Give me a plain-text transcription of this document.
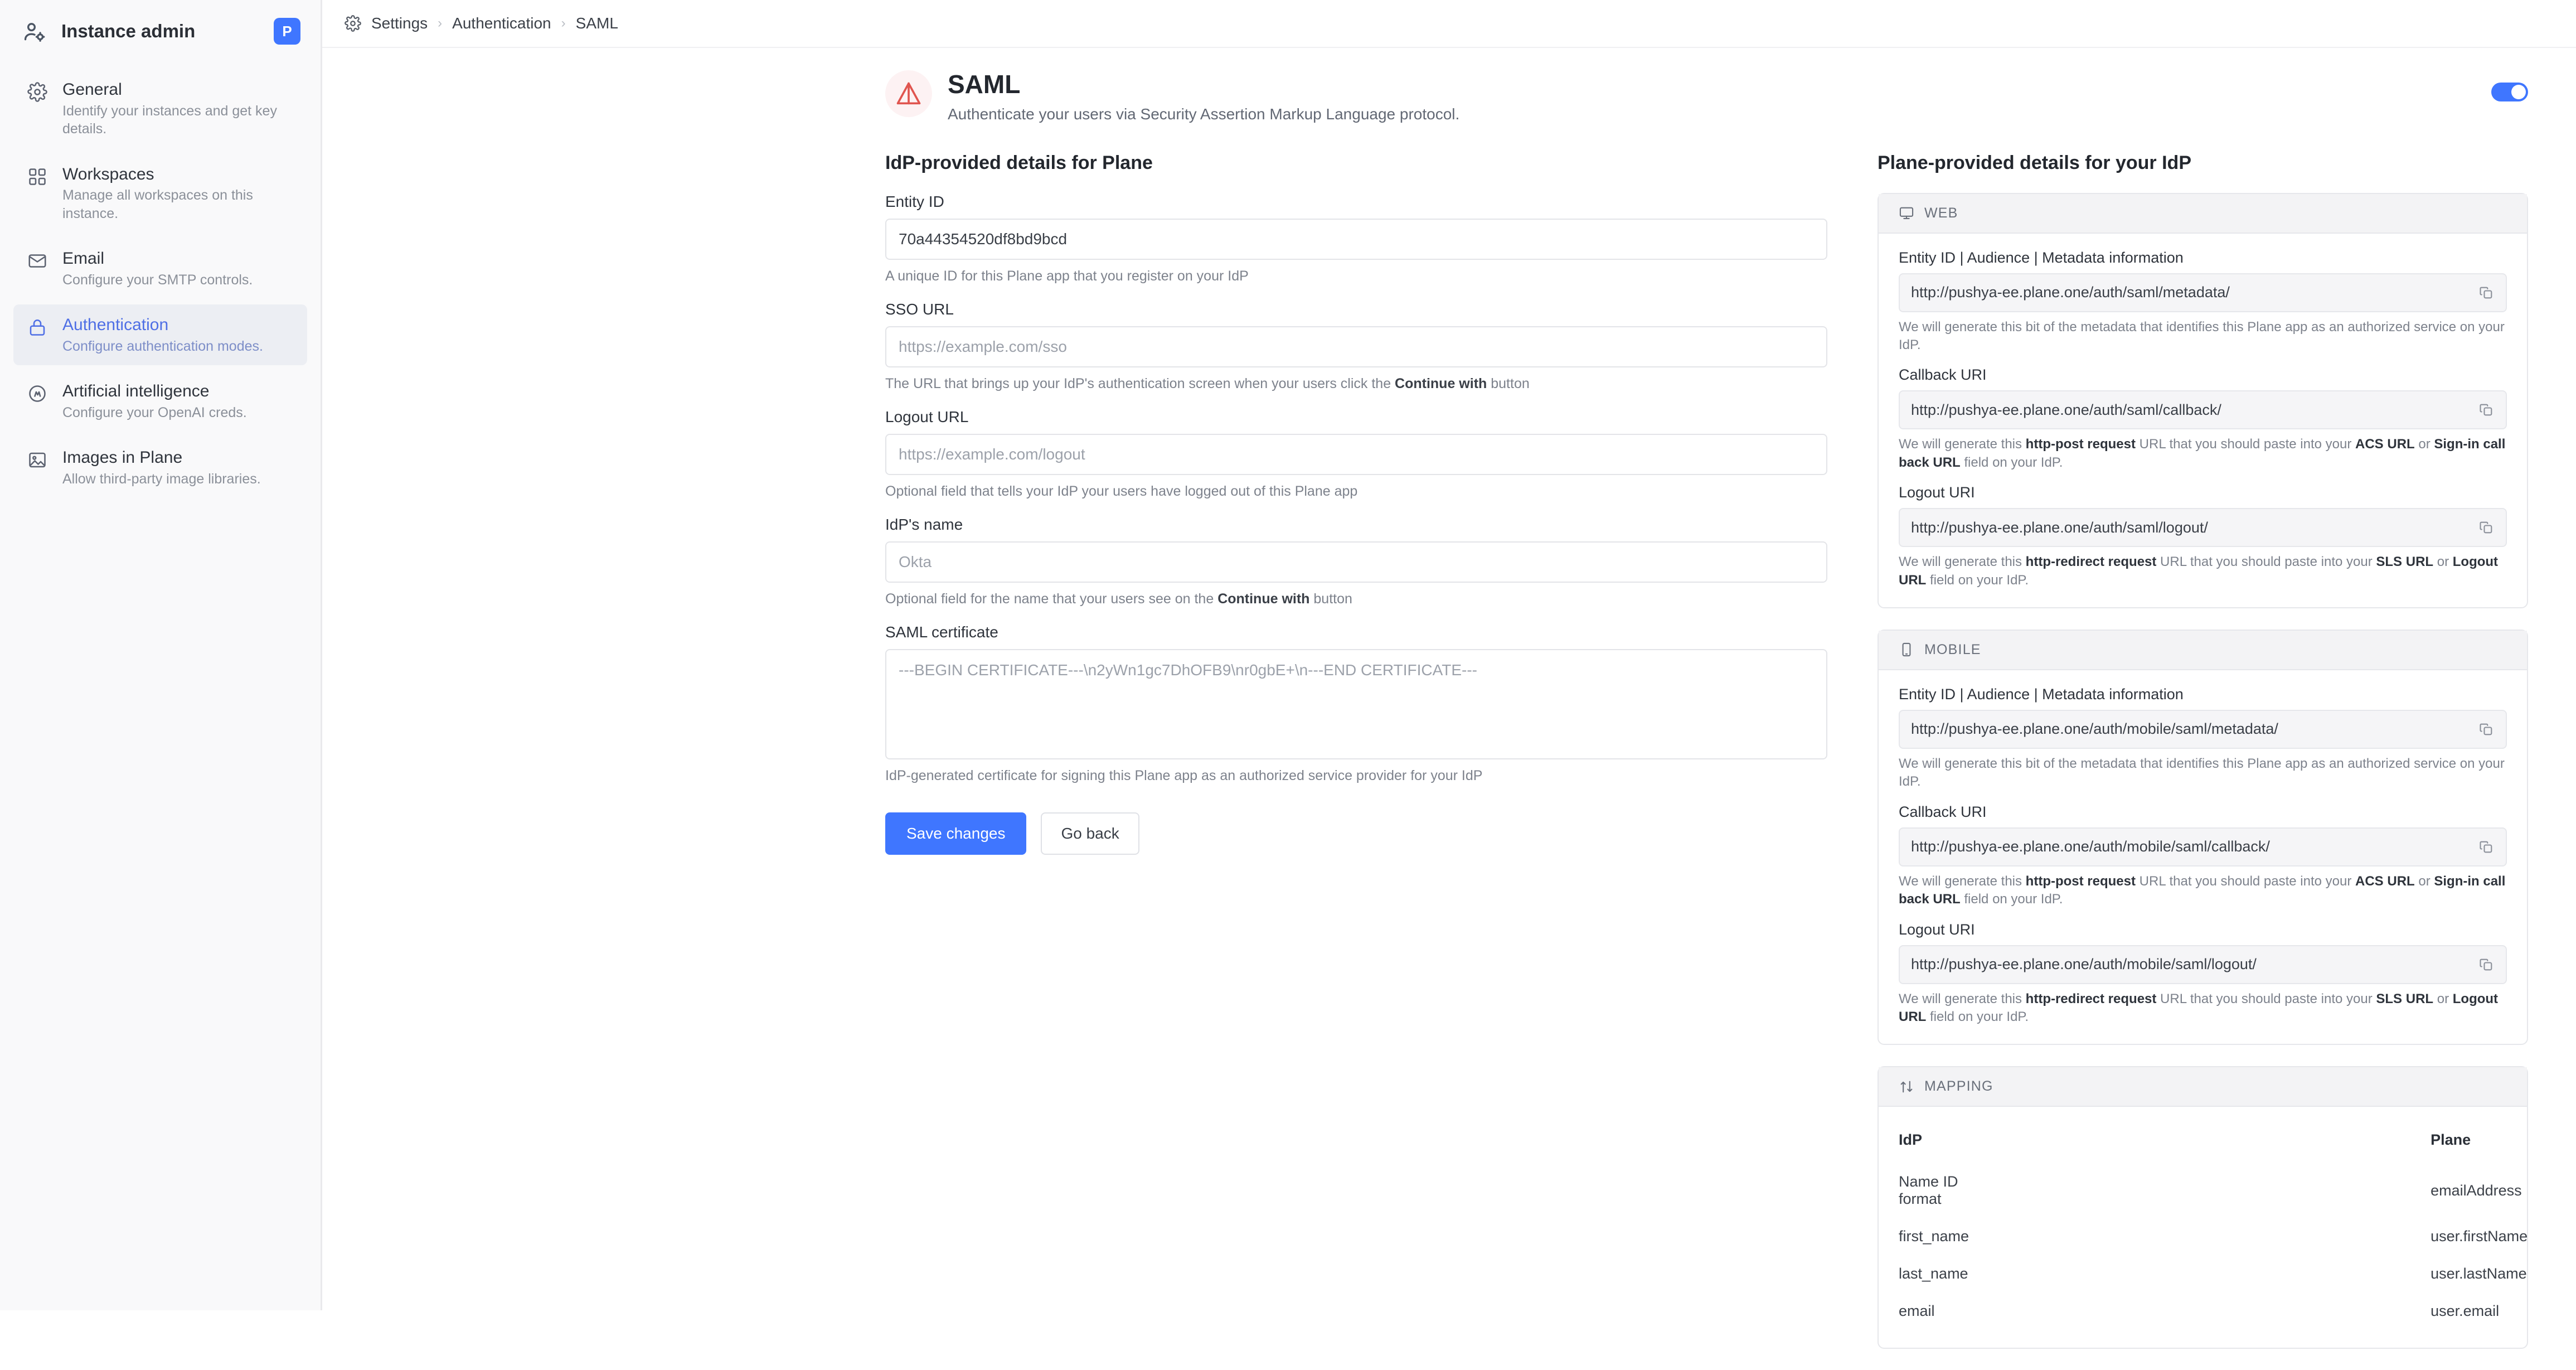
Instance admin	P
General
Identify your instances and get key details.
Workspaces
Manage all workspaces on this instance.
Email
Configure your SMTP controls.
Authentication
Configure authentication modes.
Artificial intelligence
Configure your OpenAI creds.
Images in Plane
Allow third-party image libraries.
Settings › Authentication › SAML
SAML
Authenticate your users via Security Assertion Markup Language protocol.
IdP-provided details for Plane
Entity ID
70a44354520df8bd9bcd
A unique ID for this Plane app that you register on your IdP
SSO URL
https://example.com/sso
The URL that brings up your IdP's authentication screen when your users click the Continue with button
Logout URL
https://example.com/logout
Optional field that tells your IdP your users have logged out of this Plane app
IdP's name
Okta
Optional field for the name that your users see on the Continue with button
SAML certificate
---BEGIN CERTIFICATE---\n2yWn1gc7DhOFB9\nr0gbE+\n---END CERTIFICATE---
IdP-generated certificate for signing this Plane app as an authorized service provider for your IdP
Save changes	Go back
Plane-provided details for your IdP
WEB
Entity ID | Audience | Metadata information
http://pushya-ee.plane.one/auth/saml/metadata/
We will generate this bit of the metadata that identifies this Plane app as an authorized service on your IdP.
Callback URI
http://pushya-ee.plane.one/auth/saml/callback/
We will generate this http-post request URL that you should paste into your ACS URL or Sign-in call back URL field on your IdP.
Logout URI
http://pushya-ee.plane.one/auth/saml/logout/
We will generate this http-redirect request URL that you should paste into your SLS URL or Logout URL field on your IdP.
MOBILE
Entity ID | Audience | Metadata information
http://pushya-ee.plane.one/auth/mobile/saml/metadata/
We will generate this bit of the metadata that identifies this Plane app as an authorized service on your IdP.
Callback URI
http://pushya-ee.plane.one/auth/mobile/saml/callback/
We will generate this http-post request URL that you should paste into your ACS URL or Sign-in call back URL field on your IdP.
Logout URI
http://pushya-ee.plane.one/auth/mobile/saml/logout/
We will generate this http-redirect request URL that you should paste into your SLS URL or Logout URL field on your IdP.
MAPPING
IdP	Plane
Name ID format	emailAddress
first_name	user.firstName
last_name	user.lastName
email	user.email
